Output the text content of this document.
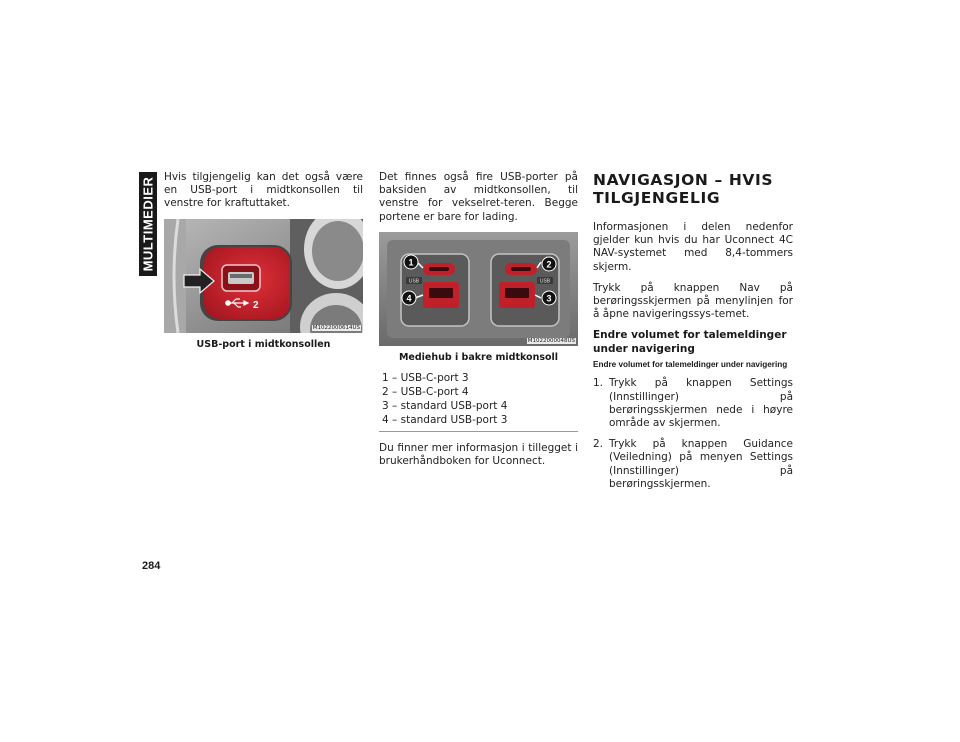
MULTIMEDIER Hvis tilgjengelig kan det også være en USB-port i midtkonsollen til venstre for kraftuttaket.

2
M1022000614US
USB-port i midtkonsollen

Det finnes også fire USB-porter på baksiden av midtkonsollen, til venstre for vekselret-teren. Begge portene er bare for lading.

USB	USB
1	2
3
4
M1022000048US
Mediehub i bakre midtkonsoll
1 – USB-C-port 3
2 – USB-C-port 4
3 – standard USB-port 4
4 – standard USB-port 3

Du finner mer informasjon i tillegget i brukerhåndboken for Uconnect.

NAVIGASJON – HVIS TILGJENGELIG

Informasjonen i delen nedenfor gjelder kun hvis du har Uconnect 4C NAV-systemet med 8,4-tommers skjerm.

Trykk på knappen Nav på berøringsskjermen på menylinjen for å åpne navigeringssys-temet.

Endre volumet for talemeldinger under navigering
Endre volumet for talemeldinger under navigering
1. Trykk på knappen Settings (Innstillinger) på berøringsskjermen nede i høyre område av skjermen.
2. Trykk på knappen Guidance (Veiledning) på menyen Settings (Innstillinger) på berøringsskjermen.
284
